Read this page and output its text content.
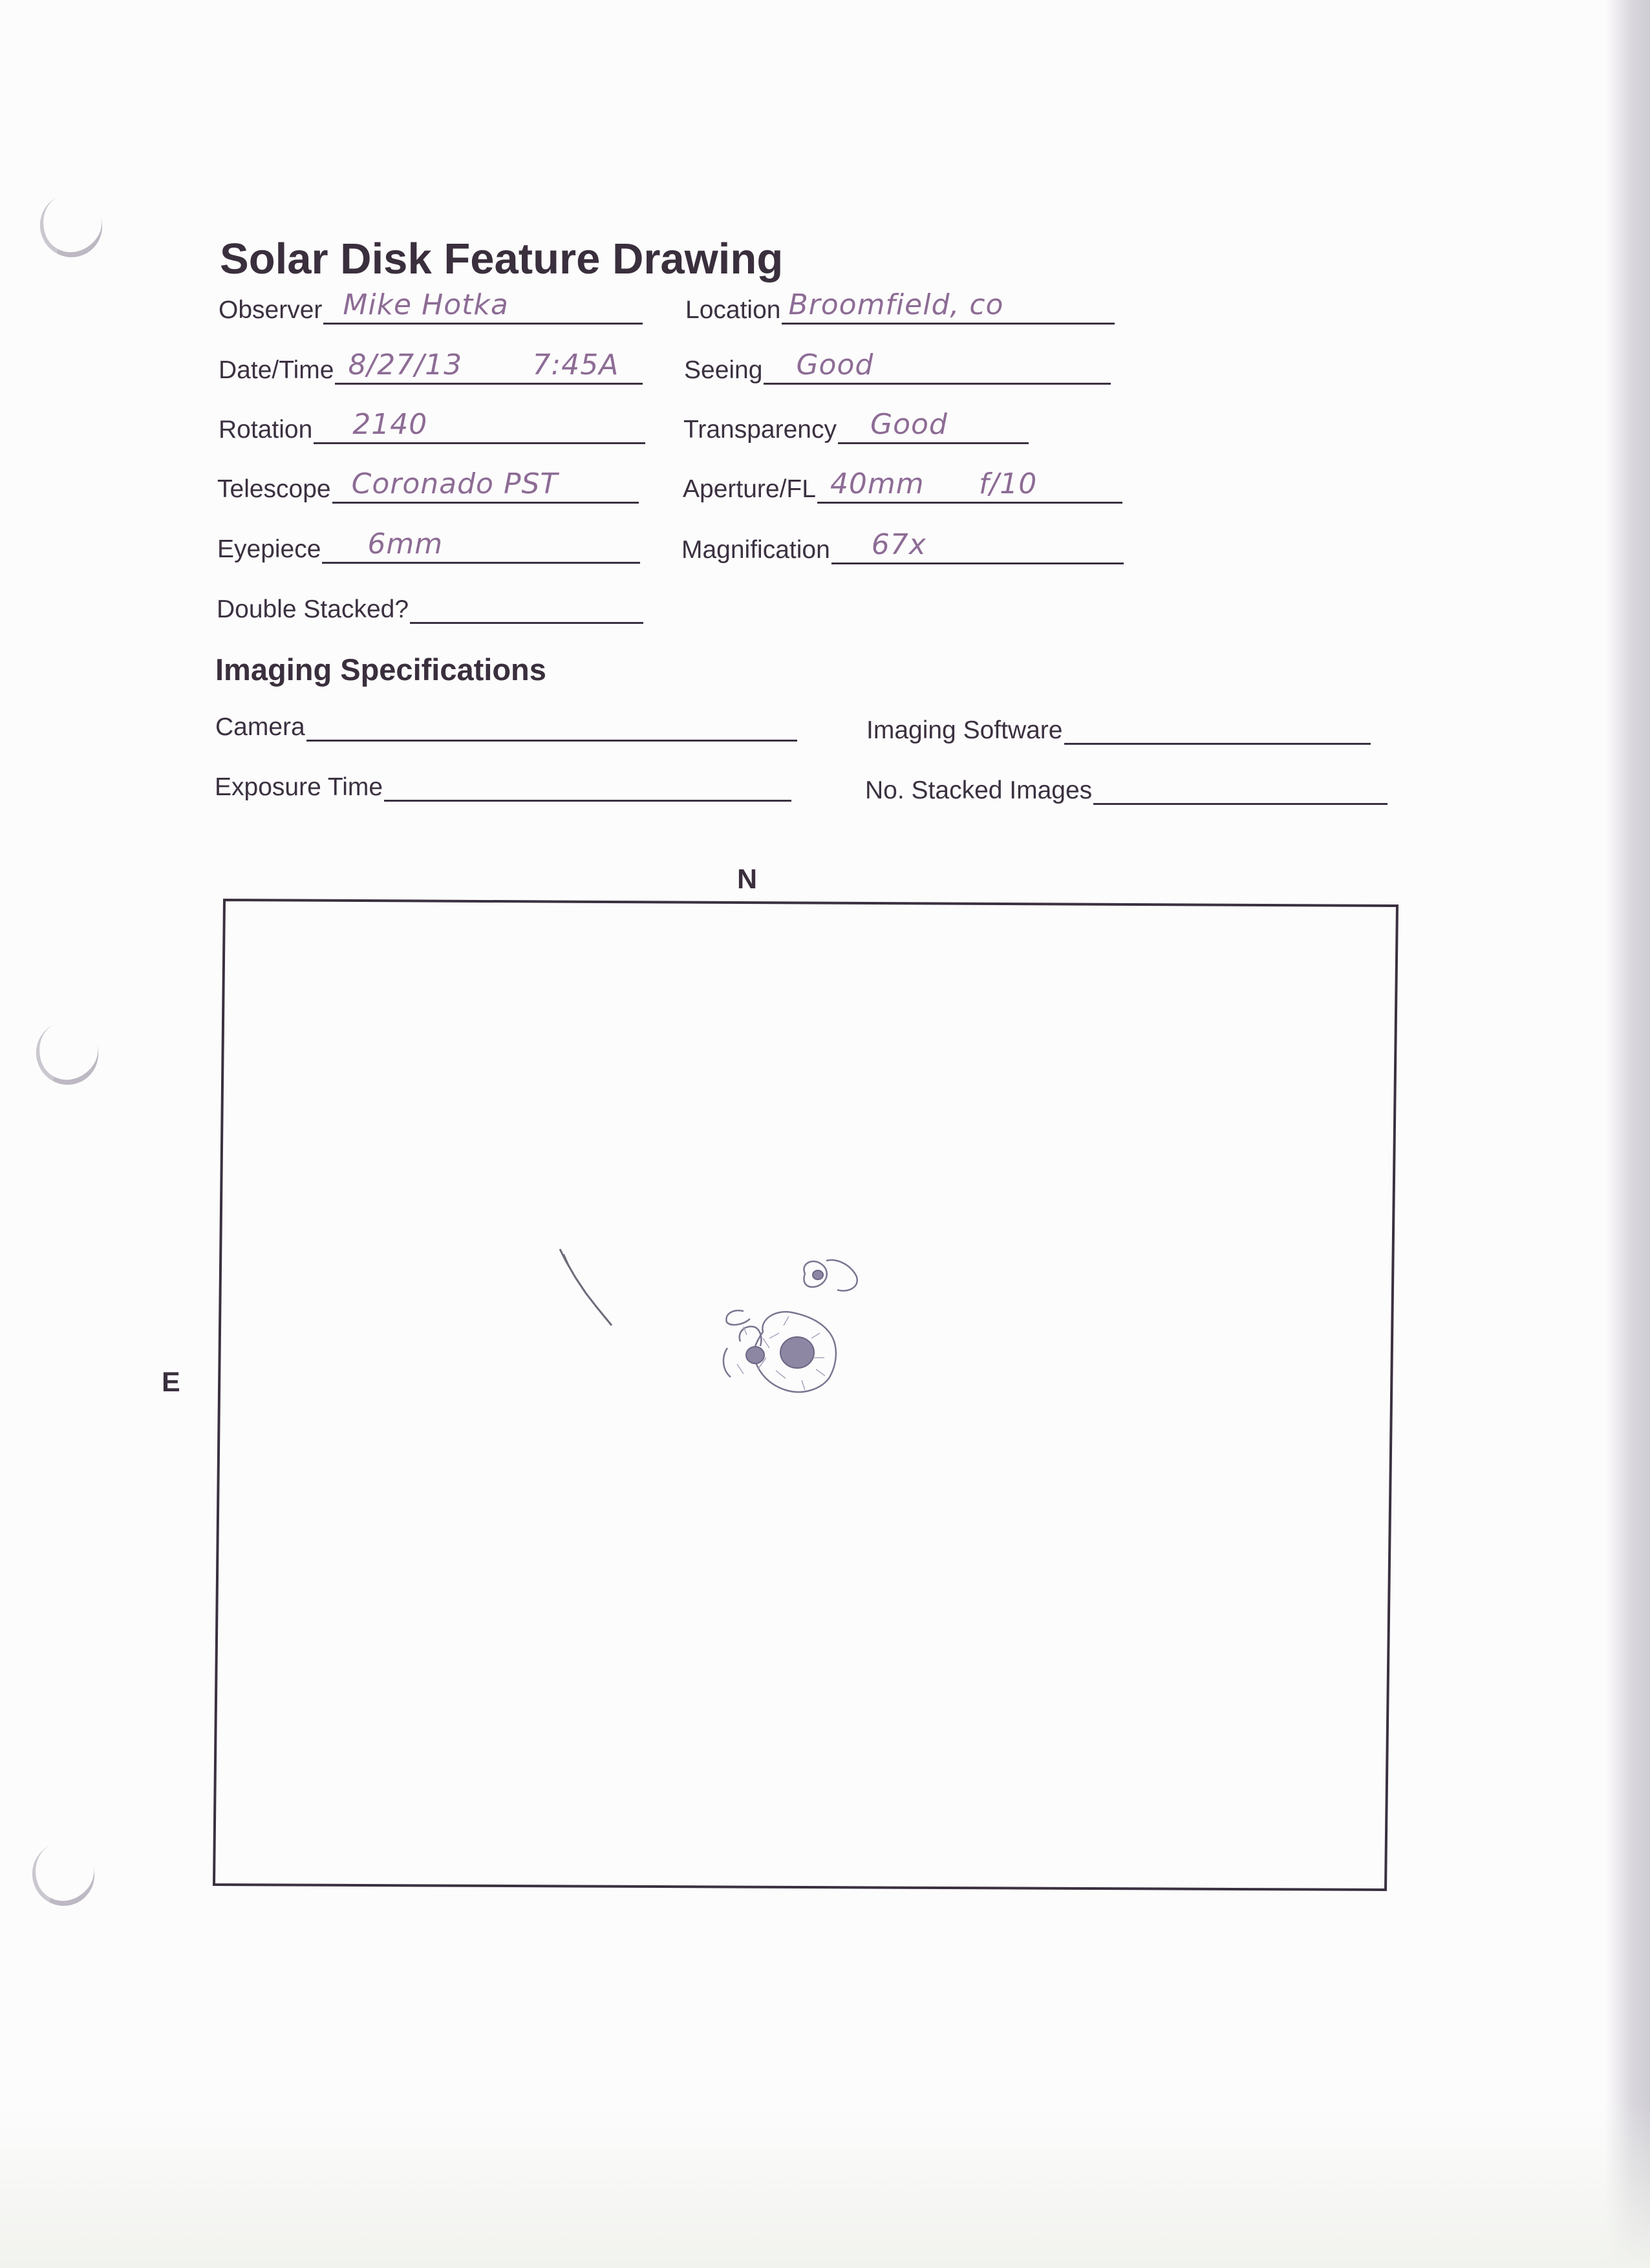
Solar Disk Feature Drawing
Observer Mike Hotka
Date/Time 8/27/13 7:45A
Rotation 2140
Telescope Coronado PST
Eyepiece 6mm
Double Stacked?
Location Broomfield, co
Seeing Good
Transparency Good
Aperture/FL 40mm f/10
Magnification 67x
Imaging Specifications
Camera
Exposure Time
Imaging Software
No. Stacked Images
N
E
